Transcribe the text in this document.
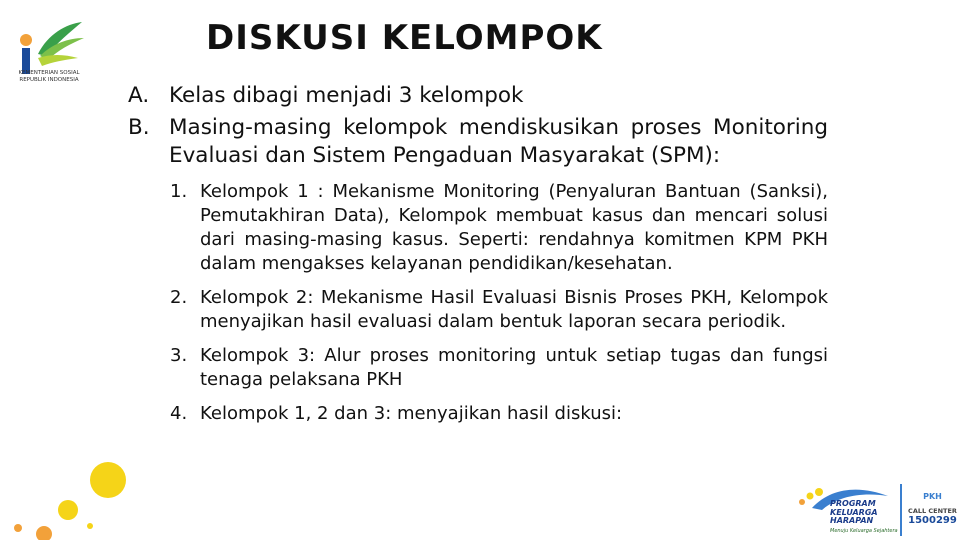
KEMENTERIAN SOSIAL REPUBLIK INDONESIA
DISKUSI KELOMPOK
A. Kelas dibagi menjadi 3 kelompok
B. Masing-masing kelompok mendiskusikan proses Monitoring Evaluasi dan Sistem Pengaduan Masyarakat (SPM):
1. Kelompok 1 : Mekanisme Monitoring (Penyaluran Bantuan (Sanksi), Pemutakhiran Data), Kelompok membuat kasus dan mencari solusi dari masing-masing kasus. Seperti: rendahnya komitmen KPM PKH dalam mengakses kelayanan pendidikan/kesehatan.
2. Kelompok 2: Mekanisme Hasil Evaluasi Bisnis Proses PKH, Kelompok menyajikan hasil evaluasi dalam bentuk laporan secara periodik.
3. Kelompok 3: Alur proses monitoring untuk setiap tugas dan fungsi tenaga pelaksana PKH
4. Kelompok 1, 2 dan 3: menyajikan hasil diskusi:
PROGRAM
KELUARGA
HARAPAN
Menuju Keluarga Sejahtera
PKH
CALL CENTER
1500299
